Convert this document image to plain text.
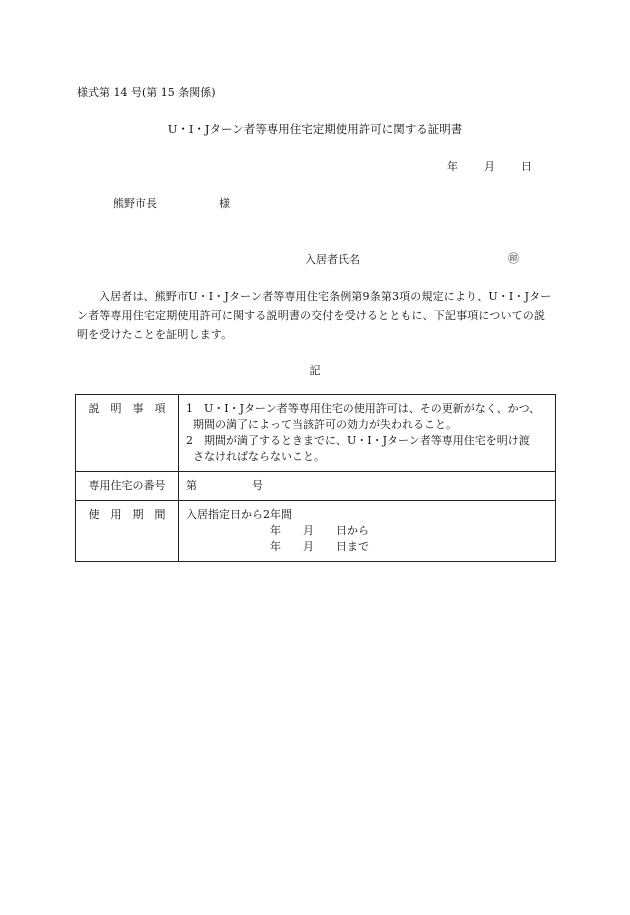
様式第 14 号(第 15 条関係)
U・I・Jターン者等専用住宅定期使用許可に関する証明書
年 月 日
熊野市長	様
入居者氏名	㊞
入居者は、熊野市U・I・Jターン者等専用住宅条例第9条第3項の規定により、U・I・Jターン者等専用住宅定期使用許可に関する説明書の交付を受けるとともに、下記事項についての説明を受けたことを証明します。
記
説　明　事　項	1　U・I・Jターン者等専用住宅の使用許可は、その更新がなく、かつ、
期間の満了によって当該許可の効力が失われること。
2　期間が満了するときまでに、U・I・Jターン者等専用住宅を明け渡
さなければならないこと。

専用住宅の番号	第　　　　　号

使　用　期　間	入居指定日から2年間
年　　月　　日から
年　　月　　日まで
